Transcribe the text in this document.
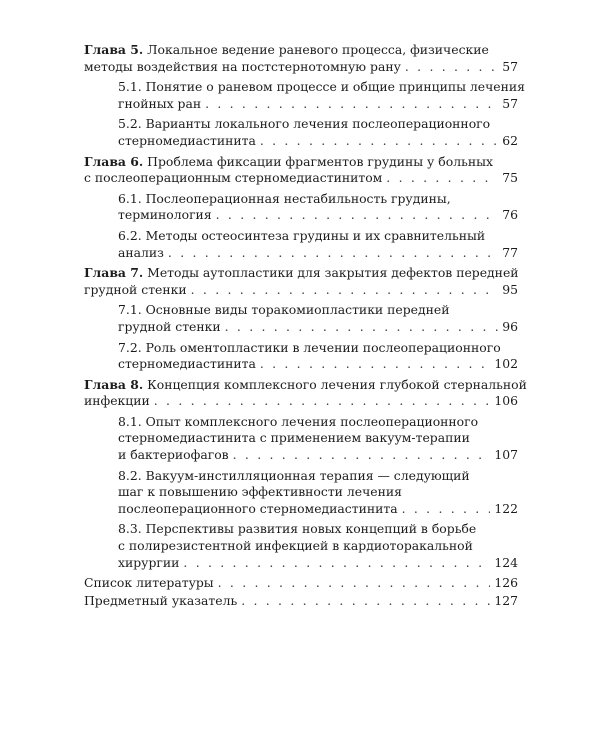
Глава 5. Локальное ведение раневого процесса, физические
методы воздействия на постстернотомную рану . . .	57
5.1. Понятие о раневом процессе и общие принципы лечения
гнойных ран . . .	57
5.2. Варианты локального лечения послеоперационного
стерномедиастинита . . .	62
Глава 6. Проблема фиксации фрагментов грудины у больных
с послеоперационным стерномедиастинитом . . .	75
6.1. Послеоперационная нестабильность грудины,
терминология . . .	76
6.2. Методы остеосинтеза грудины и их сравнительный
анализ . . .	77
Глава 7. Методы аутопластики для закрытия дефектов передней
грудной стенки . . .	95
7.1. Основные виды торакомиопластики передней
грудной стенки . . .	96
7.2. Роль оментопластики в лечении послеоперационного
стерномедиастинита . . .	102
Глава 8. Концепция комплексного лечения глубокой стернальной
инфекции . . .	106
8.1. Опыт комплексного лечения послеоперационного
стерномедиастинита с применением вакуум-терапии
и бактериофагов . . .	107
8.2. Вакуум-инстилляционная терапия — следующий
шаг к повышению эффективности лечения
послеоперационного стерномедиастинита . . .	122
8.3. Перспективы развития новых концепций в борьбе
с полирезистентной инфекцией в кардиоторакальной
хирургии . . .	124
Список литературы . . .	126
Предметный указатель . . .	127
